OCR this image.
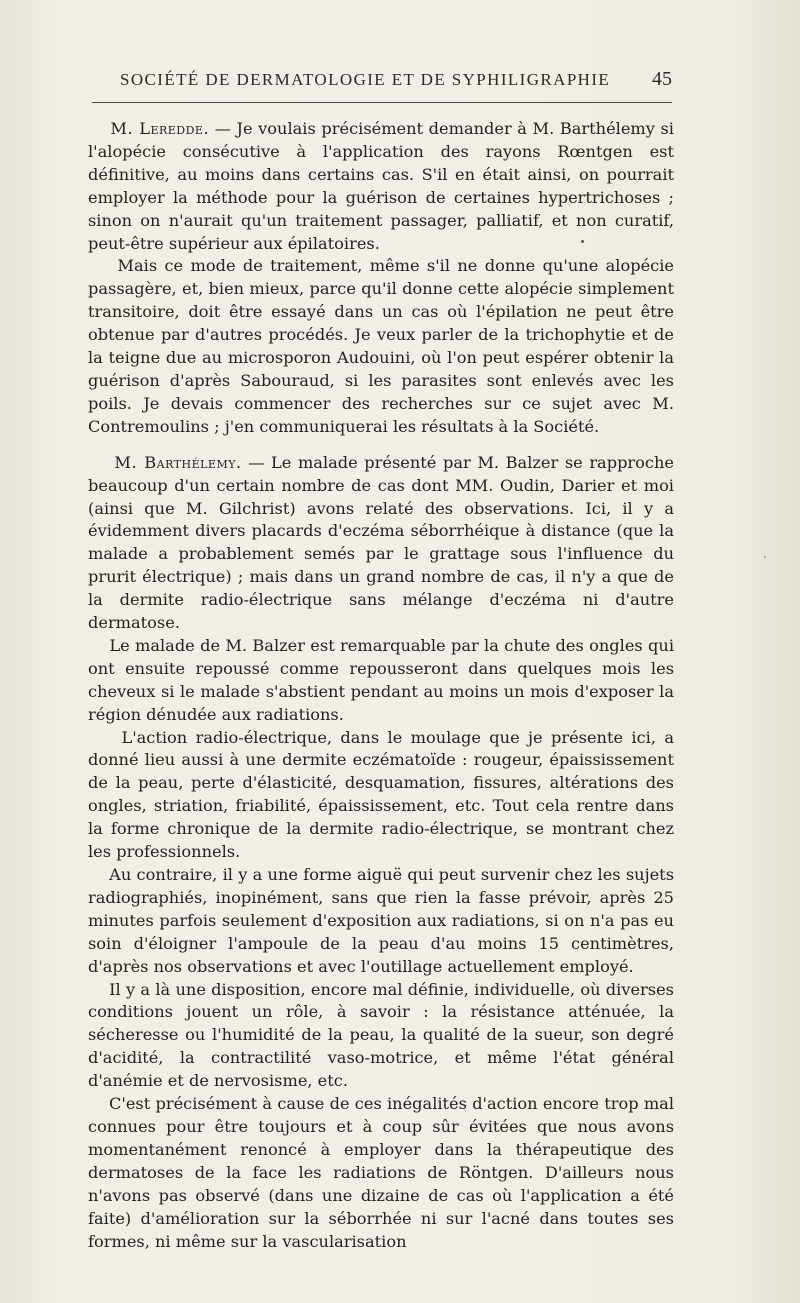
SOCIÉTÉ DE DERMATOLOGIE ET DE SYPHILIGRAPHIE 45

M. Leredde. — Je voulais précisément demander à M. Barthélemy si l'alopécie consécutive à l'application des rayons Rœntgen est définitive, au moins dans certains cas. S'il en était ainsi, on pourrait employer la méthode pour la guérison de certaines hypertrichoses ; sinon on n'aurait qu'un traitement passager, palliatif, et non curatif, peut-être supérieur aux épilatoires.

Mais ce mode de traitement, même s'il ne donne qu'une alopécie passagère, et, bien mieux, parce qu'il donne cette alopécie simplement transitoire, doit être essayé dans un cas où l'épilation ne peut être obtenue par d'autres procédés. Je veux parler de la trichophytie et de la teigne due au microsporon Audouini, où l'on peut espérer obtenir la guérison d'après Sabouraud, si les parasites sont enlevés avec les poils. Je devais commencer des recherches sur ce sujet avec M. Contremoulins ; j'en communiquerai les résultats à la Société.

M. Barthélemy. — Le malade présenté par M. Balzer se rapproche beaucoup d'un certain nombre de cas dont MM. Oudin, Darier et moi (ainsi que M. Gilchrist) avons relaté des observations. Ici, il y a évidemment divers placards d'eczéma séborrhéique à distance (que la malade a probablement semés par le grattage sous l'influence du prurit électrique) ; mais dans un grand nombre de cas, il n'y a que de la dermite radio-électrique sans mélange d'eczéma ni d'autre dermatose.

Le malade de M. Balzer est remarquable par la chute des ongles qui ont ensuite repoussé comme repousseront dans quelques mois les cheveux si le malade s'abstient pendant au moins un mois d'exposer la région dénudée aux radiations.

L'action radio-électrique, dans le moulage que je présente ici, a donné lieu aussi à une dermite eczématoïde : rougeur, épaississement de la peau, perte d'élasticité, desquamation, fissures, altérations des ongles, striation, friabilité, épaississement, etc. Tout cela rentre dans la forme chronique de la dermite radio-électrique, se montrant chez les professionnels.

Au contraire, il y a une forme aiguë qui peut survenir chez les sujets radiographiés, inopinément, sans que rien la fasse prévoir, après 25 minutes parfois seulement d'exposition aux radiations, si on n'a pas eu soin d'éloigner l'ampoule de la peau d'au moins 15 centimètres, d'après nos observations et avec l'outillage actuellement employé.

Il y a là une disposition, encore mal définie, individuelle, où diverses conditions jouent un rôle, à savoir : la résistance atténuée, la sécheresse ou l'humidité de la peau, la qualité de la sueur, son degré d'acidité, la contractilité vaso-motrice, et même l'état général d'anémie et de nervosisme, etc.

C'est précisément à cause de ces inégalités d'action encore trop mal connues pour être toujours et à coup sûr évitées que nous avons momentanément renoncé à employer dans la thérapeutique des dermatoses de la face les radiations de Röntgen. D'ailleurs nous n'avons pas observé (dans une dizaine de cas où l'application a été faite) d'amélioration sur la séborrhée ni sur l'acné dans toutes ses formes, ni même sur la vascularisation
